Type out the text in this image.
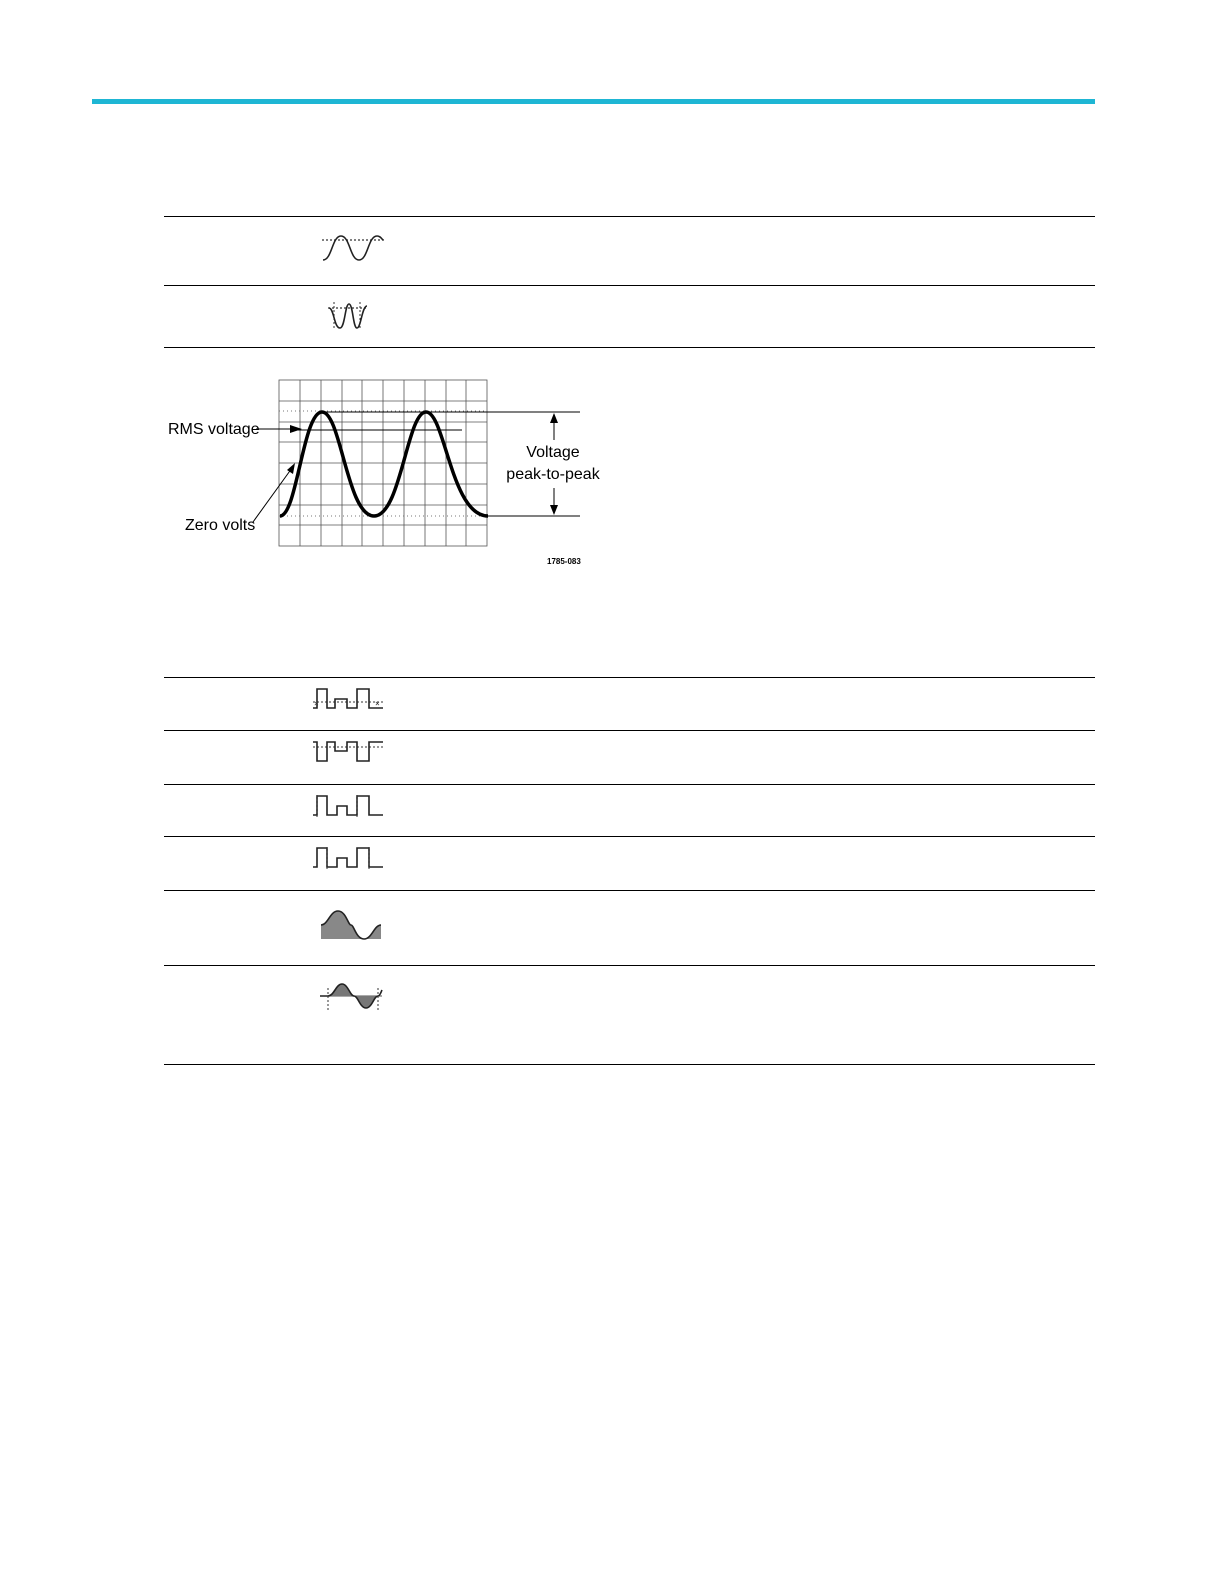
RMS voltage
Zero volts
Voltage
peak-to-peak
1785-083
×	×
